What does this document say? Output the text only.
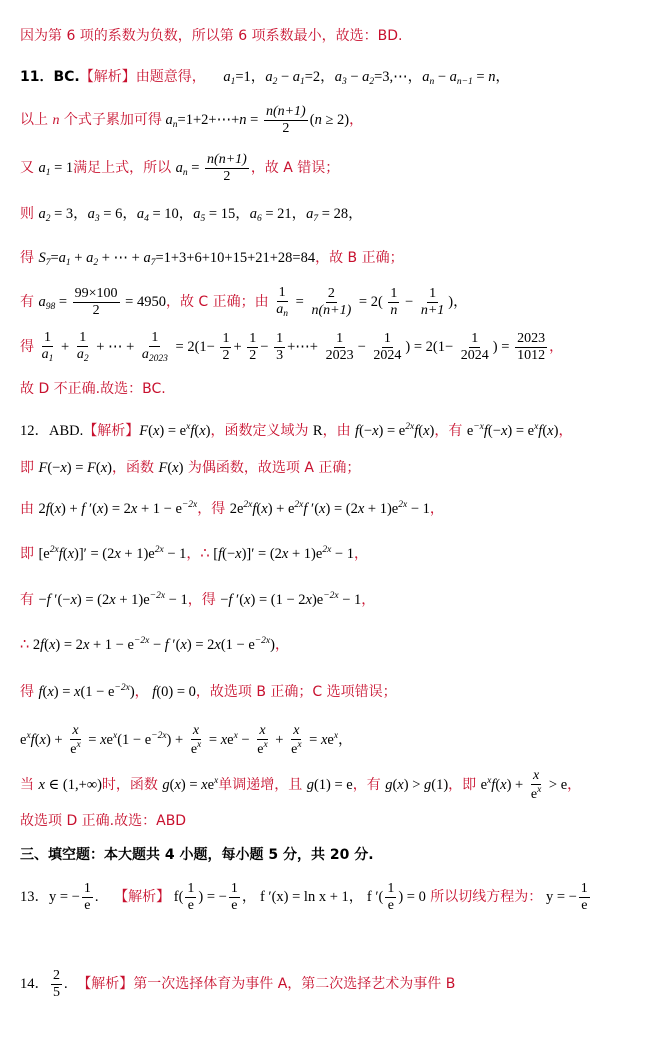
因为第 6 项的系数为负数，所以第 6 项系数最小，故选：BD.
11．BC.【解析】由题意得， $a_1=1$，$a_2 - a_1=2$，$a_3$ − $a_2=3,\cdots$，$a_n - a_{n-1} = n$，
以上 n 个式子累加可得 $a_n=1+2+\cdots+n = \frac{n(n+1)}{2} (n \ge 2)$，
又 $a_1 = 1$满足上式，所以 $a_n = \frac{n(n+1)}{2}$ ，故 A 错误；
则 $a_2 = 3$，$a_3 = 6$，$a_4 = 10$，$a_5 = 15$，$a_6 = 21$，$a_7 = 28$，
得 $S_7=a_1 + a_2$ + ⋯ + $a_7=1+3+6+10+15+21+28=84$，故 B 正确；
有 $a_{98} = \frac{99\times 100}{2} = 4950$，故 C 正确；由 $\frac{1}{a_n} = \frac{2}{n(n+1)} = 2( \frac{1}{n} - \frac{1}{n+1}$ )，
得 $\frac{1}{a_1} + \frac{1}{a_2}$ + ⋯ + $\frac{1}{a_{2023}} = 2(1- \frac{1}{2} + \frac{1}{2} - \frac{1}{3}$ +⋯+ $\frac{1}{2023} - \frac{1}{2024}$ ) = $2(1- \frac{1}{2024}$ ) = $\frac{2023}{1012}$ ，
故 D 不正确.故选：BC.
12．ABD.【解析】$F(x) = e^xf(x)$，函数定义域为 R，由 $f(-x) = e^{2x}f(x)$，有 $e^{-x}f(-x) = e^xf(x)$，
即 F(−x) = F(x)，函数 F(x) 为偶函数，故选项 A 正确；
由 2f(x) + f $'(x) = 2x + 1 - e^{-2x}$，得 $2e^{2x}f(x) + e^{2x}f$ $'(x) = (2x + 1)e^{2x} - 1$，
即 $[e^{2x}f(x)]' = (2x + 1)e^{2x} - 1$，∴ $[f(-x)]' = (2x + 1)e^{2x} - 1$，
有 −f $'(-x) = (2x + 1)e^{-2x} - 1$，得 −f $'(x) = (1 - 2x)e^{-2x} - 1$，
∴ $2f(x) = 2x + 1 - e^{-2x} - f$ $'(x) = 2x(1 - e^{-2x})$，
得 $f(x) = x(1 - e^{-2x})$， f(0) = 0，故选项 B 正确；C 选项错误；
$e^xf(x) + \frac{x}{e^x} = xe^x(1 - e^{-2x}) + \frac{x}{e^x} = xe^x - \frac{x}{e^x} + \frac{x}{e^x} = xe^x$，
当 x ∈ (1,+∞)时，函数 $g(x) = xe^x$单调递增，且 g(1) = e，有 g(x) > g(1)，即 $e^xf(x) + \frac{x}{e^x} > e$，
故选项 D 正确.故选：ABD
三、填空题：本大题共 4 小题，每小题 5 分，共 20 分.
13．y = − $\frac{1}{e}$ . 【解析】 $f( \frac{1}{e}$ ) = − $\frac{1}{e}$ ， f ′(x) = ln x + 1， f ′( $\frac{1}{e}$ ) = 0 所以切线方程为： y = − $\frac{1}{e}$
14． $\frac{2}{5}$ . 【解析】第一次选择体育为事件 A，第二次选择艺术为事件 B
